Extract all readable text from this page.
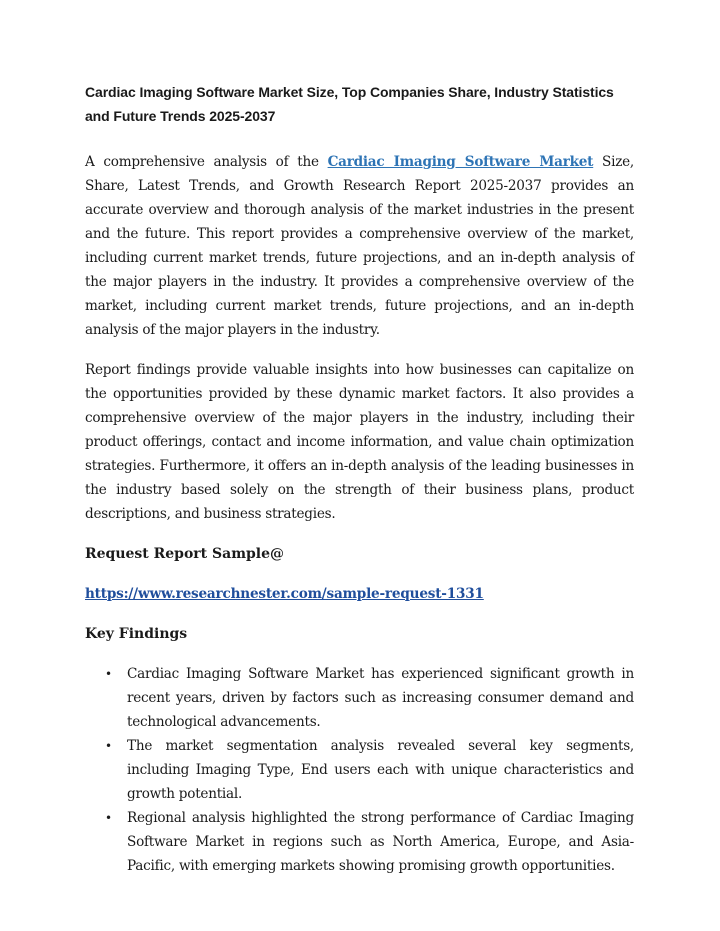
Cardiac Imaging Software Market Size, Top Companies Share, Industry Statistics and Future Trends 2025-2037

A comprehensive analysis of the Cardiac Imaging Software Market Size, Share, Latest Trends, and Growth Research Report 2025-2037 provides an accurate overview and thorough analysis of the market industries in the present and the future. This report provides a comprehensive overview of the market, including current market trends, future projections, and an in-depth analysis of the major players in the industry. It provides a comprehensive overview of the market, including current market trends, future projections, and an in-depth analysis of the major players in the industry.

Report findings provide valuable insights into how businesses can capitalize on the opportunities provided by these dynamic market factors. It also provides a comprehensive overview of the major players in the industry, including their product offerings, contact and income information, and value chain optimization strategies. Furthermore, it offers an in-depth analysis of the leading businesses in the industry based solely on the strength of their business plans, product descriptions, and business strategies.

Request Report Sample@
https://www.researchnester.com/sample-request-1331
Key Findings
• Cardiac Imaging Software Market has experienced significant growth in recent years, driven by factors such as increasing consumer demand and technological advancements.
• The market segmentation analysis revealed several key segments, including Imaging Type, End users each with unique characteristics and growth potential.
• Regional analysis highlighted the strong performance of Cardiac Imaging Software Market in regions such as North America, Europe, and Asia-Pacific, with emerging markets showing promising growth opportunities.
